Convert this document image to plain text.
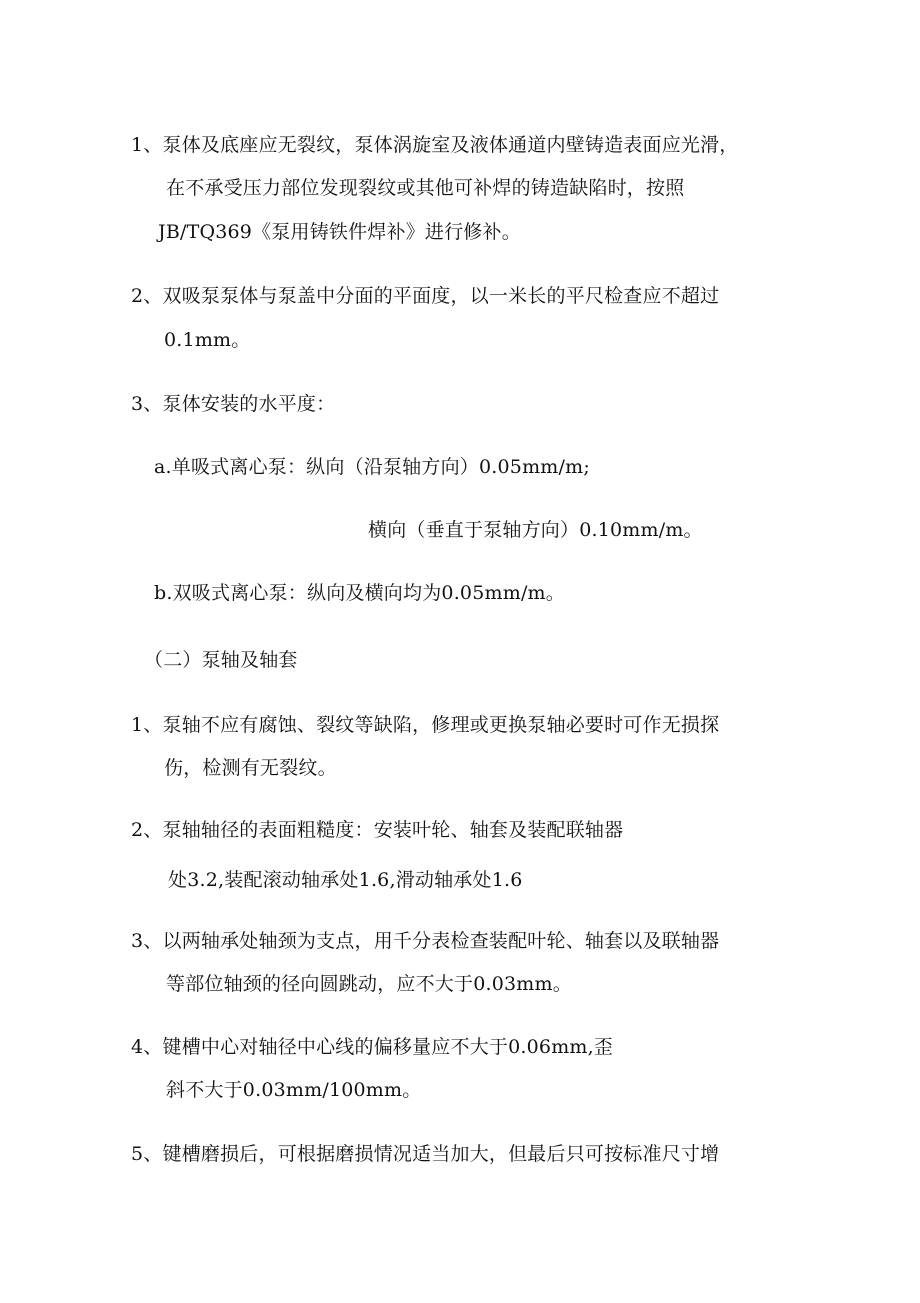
1、泵体及底座应无裂纹，泵体涡旋室及液体通道内壁铸造表面应光滑，
在不承受压力部位发现裂纹或其他可补焊的铸造缺陷时，按照
JB/TQ369《泵用铸铁件焊补》进行修补。
2、双吸泵泵体与泵盖中分面的平面度，以一米长的平尺检查应不超过
0.1mm。
3、泵体安装的水平度：
a.单吸式离心泵：纵向（沿泵轴方向）0.05mm/m;
横向（垂直于泵轴方向）0.10mm/m。
b.双吸式离心泵：纵向及横向均为0.05mm/m。
（二）泵轴及轴套
1、泵轴不应有腐蚀、裂纹等缺陷，修理或更换泵轴必要时可作无损探
伤，检测有无裂纹。
2、泵轴轴径的表面粗糙度：安装叶轮、轴套及装配联轴器
处3.2,装配滚动轴承处1.6,滑动轴承处1.6
3、以两轴承处轴颈为支点，用千分表检查装配叶轮、轴套以及联轴器
等部位轴颈的径向圆跳动，应不大于0.03mm。
4、键槽中心对轴径中心线的偏移量应不大于0.06mm,歪
斜不大于0.03mm/100mm。
5、键槽磨损后，可根据磨损情况适当加大，但最后只可按标准尺寸增
